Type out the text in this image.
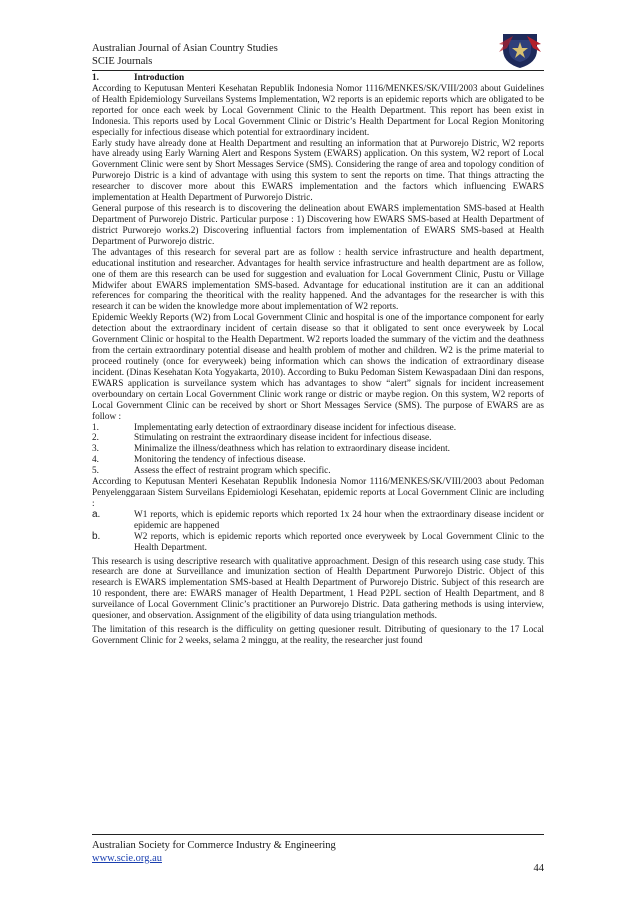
Australian Journal of Asian Country Studies
SCIE Journals
1.	Introduction

According to Keputusan Menteri Kesehatan Republik Indonesia Nomor 1116/MENKES/SK/VIII/2003 about Guidelines of Health Epidemiology Surveilans Systems Implementation, W2 reports is an epidemic reports which are obligated to be reported for once each week by Local Government Clinic to the Health Department. This report has been exist in Indonesia. This reports used by Local Government Clinic or Distric’s Health Department for Local Region Monitoring especially for infectious disease which potential for extraordinary incident.

Early study have already done at Health Department and resulting an information that at Purworejo Distric, W2 reports have already using Early Warning Alert and Respons System (EWARS) application. On this system, W2 report of Local Government Clinic were sent by Short Messages Service (SMS). Considering the range of area and topology condition of Purworejo Distric is a kind of advantage with using this system to sent the reports on time. That things attracting the researcher to discover more about this EWARS implementation and the factors which influencing EWARS implementation at Health Department of Purworejo Distric.

General purpose of this research is to discovering the delineation about EWARS implementation SMS-based at Health Department of Purworejo Distric. Particular purpose : 1) Discovering how EWARS SMS-based at Health Department of district Purworejo works.2) Discovering influential factors from implementation of EWARS SMS-based at Health Department of Purworejo distric.

The advantages of this research for several part are as follow : health service infrastructure and health department, educational institution and researcher. Advantages for health service infrastructure and health department are as follow, one of them are this research can be used for suggestion and evaluation for Local Government Clinic, Pustu or Village Midwifer about EWARS implementation SMS-based. Advantage for educational institution are it can an additional references for comparing the theoritical with the reality happened. And the advantages for the researcher is with this research it can be widen the knowledge more about implementation of W2 reports.

Epidemic Weekly Reports (W2) from Local Government Clinic and hospital is one of the importance component for early detection about the extraordinary incident of certain disease so that it obligated to sent once everyweek by Local Government Clinic or hospital to the Health Department. W2 reports loaded the summary of the victim and the deathness from the certain extraordinary potential disease and health problem of mother and children. W2 is the prime material to proceed routinely (once for everyweek) being information which can shows the indication of extraordinary disease incident. (Dinas Kesehatan Kota Yogyakarta, 2010). According to Buku Pedoman Sistem Kewaspadaan Dini dan respons, EWARS application is surveilance system which has advantages to show “alert” signals for incident increasement overboundary on certain Local Government Clinic work range or distric or maybe region. On this system, W2 reports of Local Government Clinic can be received by short or Short Messages Service (SMS). The purpose of EWARS are as follow :

1.	Implementating early detection of extraordinary disease incident for infectious disease.
2.	Stimulating on restraint the extraordinary disease incident for infectious disease.
3.	Minimalize the illness/deathness which has relation to extraordinary disease incident.
4.	Monitoring the tendency of infectious disease.
5.	Assess the effect of restraint program which specific.

According to Keputusan Menteri Kesehatan Republik Indonesia Nomor 1116/MENKES/SK/VIII/2003 about Pedoman Penyelenggaraan Sistem Surveilans Epidemiologi Kesehatan, epidemic reports at Local Government Clinic are including :

a.	W1 reports, which is epidemic reports which reported 1x 24 hour when the extraordinary disease incident or epidemic are happened
b.	W2 reports, which is epidemic reports which reported once everyweek by Local Government Clinic to the Health Department.

This research is using descriptive research with qualitative approachment. Design of this research using case study. This research are done at Surveillance and imunization section of Health Department Purworejo Distric. Object of this research is EWARS implementation SMS-based at Health Department of Purworejo Distric. Subject of this research are 10 respondent, there are: EWARS manager of Health Department, 1 Head P2PL section of Health Department, and 8 surveilance of Local Government Clinic’s practitioner an Purworejo Distric. Data gathering methods is using interview, quesioner, and observation. Assignment of the eligibility of data using triangulation methods.

The limitation of this research is the difficulity on getting quesioner result. Ditributing of quesionary to the 17 Local Government Clinic for 2 weeks, selama 2 minggu, at the reality, the researcher just found

Australian Society for Commerce Industry & Engineering
www.scie.org.au
44
